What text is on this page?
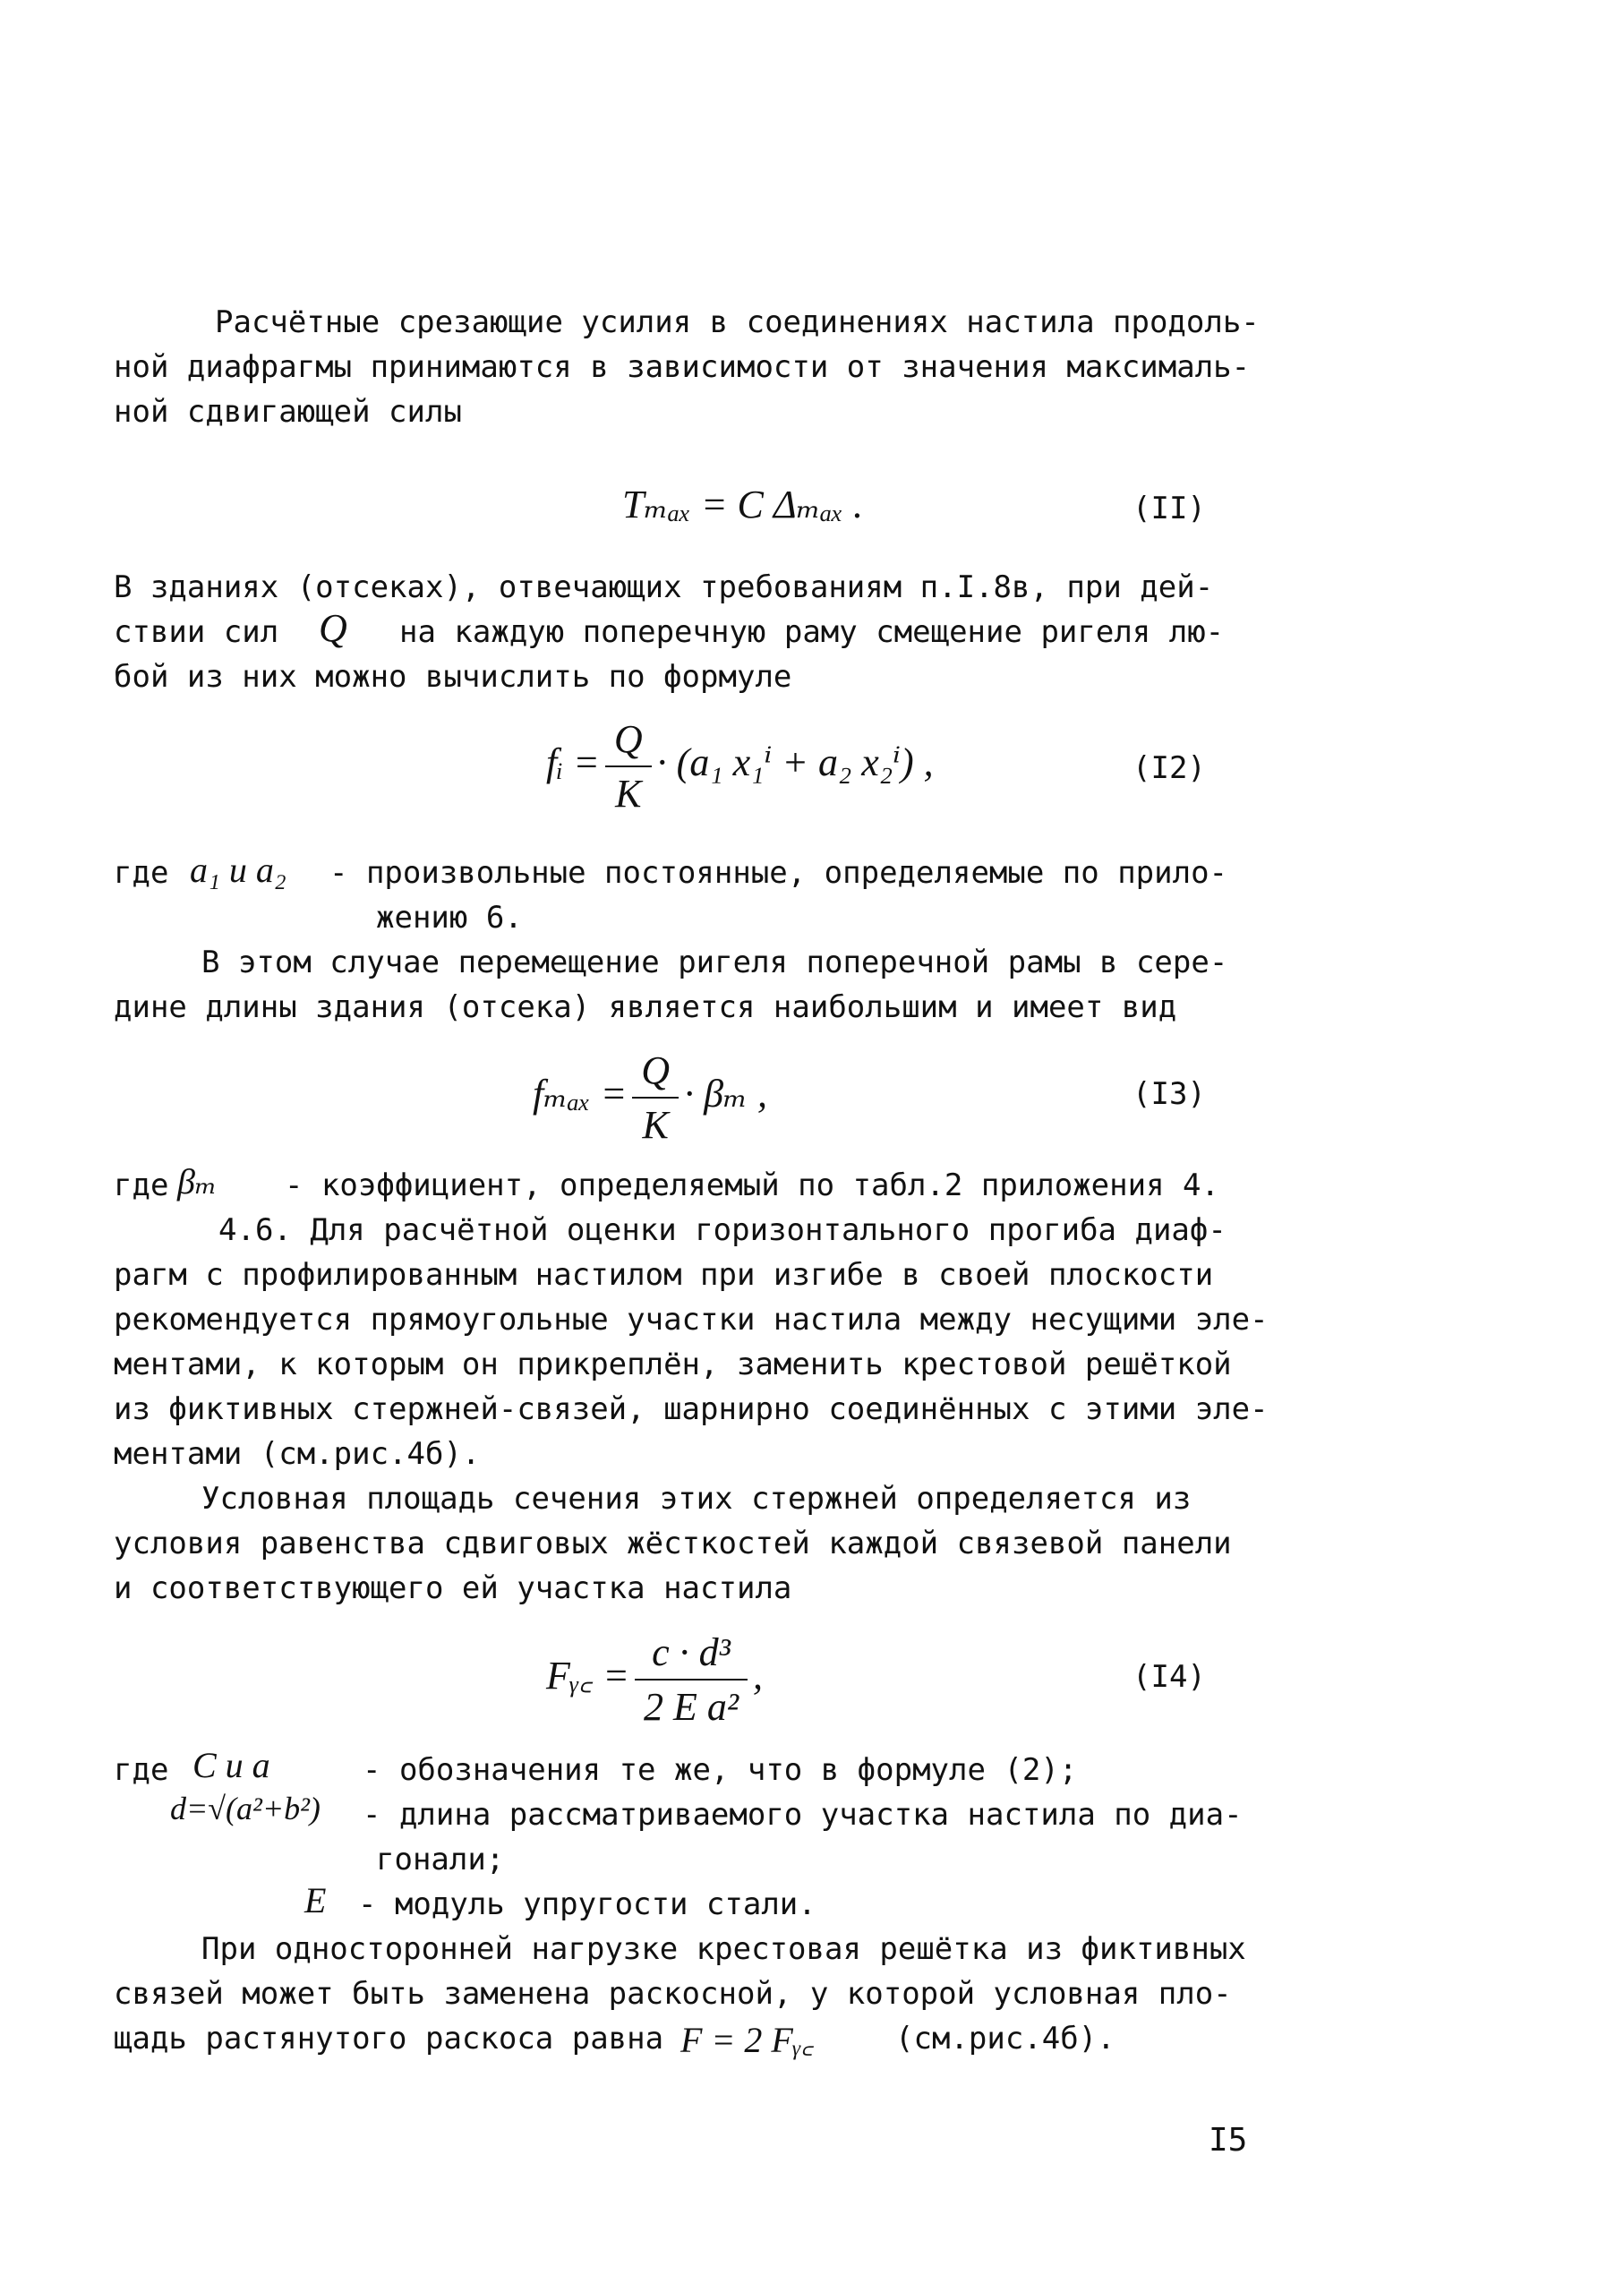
Расчётные срезающие усилия в соединениях настила продоль-
ной диафрагмы принимаются в зависимости от значения максималь-
ной сдвигающей силы
Tₘₐₓ = C Δₘₐₓ .	(II)
В зданиях (отсеках), отвечающих требованиям п.I.8в, при дей-
ствии сил Q на каждую поперечную раму смещение ригеля лю-
бой из них можно вычислить по формуле
fᵢ = $\frac{Q}{K} \cdot (a_1$ x₁ⁱ + a₂ x₂ⁱ) ,	(I2)
где a₁ и a₂ - произвольные постоянные, определяемые по прило-
жению 6.
В этом случае перемещение ригеля поперечной рамы в сере-
дине длины здания (отсека) является наибольшим и имеет вид
$f_{max} = \frac{Q}{K} \cdot \beta_m$ ,	(I3)
где βₘ - коэффициент, определяемый по табл.2 приложения 4.
4.6. Для расчётной оценки горизонтального прогиба диаф-
рагм с профилированным настилом при изгибе в своей плоскости
рекомендуется прямоугольные участки настила между несущими эле-
ментами, к которым он прикреплён, заменить крестовой решёткой
из фиктивных стержней-связей, шарнирно соединённых с этими эле-
ментами (см.рис.4б).
Условная площадь сечения этих стержней определяется из
условия равенства сдвиговых жёсткостей каждой связевой панели
и соответствующего ей участка настила
Fᵧ꜀ = $\frac{\text{c · d³}}{\text{2 E a²}}$ ,	(I4)
где C и a	- обозначения те же, что в формуле (2);
d=√(a²+b²) - длина рассматриваемого участка настила по диа-
гонали;
E - модуль упругости стали.
При односторонней нагрузке крестовая решётка из фиктивных
связей может быть заменена раскосной, у которой условная пло-
щадь растянутого раскоса равна F = 2 Fᵧ꜀	(см.рис.4б).
I5
